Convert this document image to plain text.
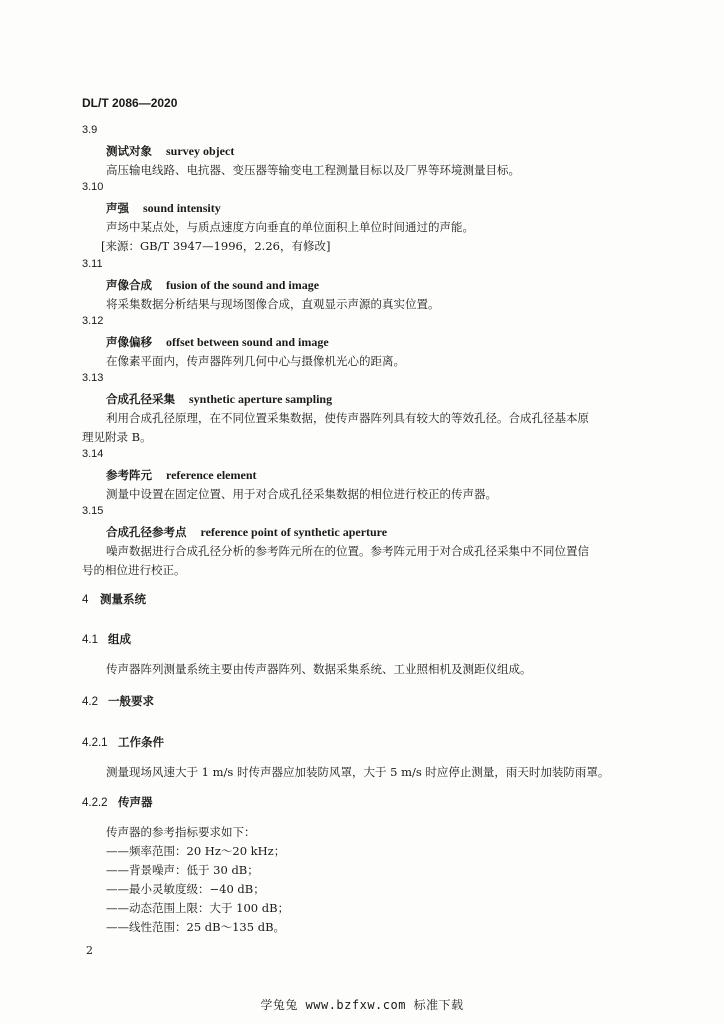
DL/T 2086—2020
3.9
测试对象 survey object
高压输电线路、电抗器、变压器等输变电工程测量目标以及厂界等环境测量目标。
3.10
声强 sound intensity
声场中某点处，与质点速度方向垂直的单位面积上单位时间通过的声能。
[来源：GB/T 3947—1996，2.26，有修改]
3.11
声像合成 fusion of the sound and image
将采集数据分析结果与现场图像合成，直观显示声源的真实位置。
3.12
声像偏移 offset between sound and image
在像素平面内，传声器阵列几何中心与摄像机光心的距离。
3.13
合成孔径采集 synthetic aperture sampling
利用合成孔径原理，在不同位置采集数据，使传声器阵列具有较大的等效孔径。合成孔径基本原
理见附录 B。
3.14
参考阵元 reference element
测量中设置在固定位置、用于对合成孔径采集数据的相位进行校正的传声器。
3.15
合成孔径参考点 reference point of synthetic aperture
噪声数据进行合成孔径分析的参考阵元所在的位置。参考阵元用于对合成孔径采集中不同位置信
号的相位进行校正。
4 测量系统
4.1 组成
传声器阵列测量系统主要由传声器阵列、数据采集系统、工业照相机及测距仪组成。
4.2 一般要求
4.2.1 工作条件
测量现场风速大于 1 m/s 时传声器应加装防风罩，大于 5 m/s 时应停止测量，雨天时加装防雨罩。
4.2.2 传声器
传声器的参考指标要求如下：
——频率范围：20 Hz～20 kHz；
——背景噪声：低于 30 dB；
——最小灵敏度级：−40 dB；
——动态范围上限：大于 100 dB；
——线性范围：25 dB～135 dB。
2
学兔兔 www.bzfxw.com 标准下载
